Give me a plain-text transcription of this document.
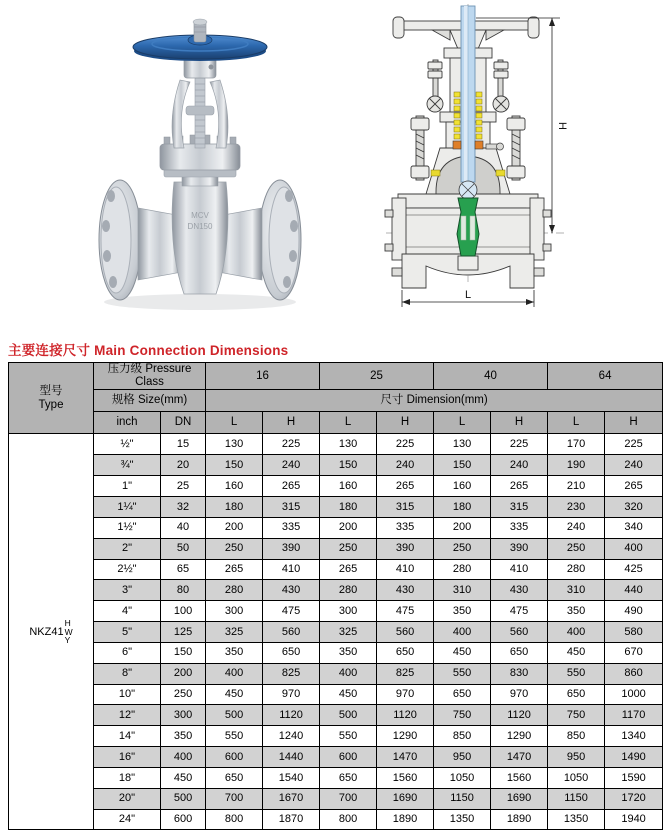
MCV
DN150
H
L
主要连接尺寸 Main Connection Dimensions
型号
Type	压力级 Pressure Class		16		25		40		64	
	规格 Size(mm)		尺寸 Dimension(mm)							
	inch	DN	L	H	L	H	L	H	L	H

NKZ41
H
W
Y	½"	15	130	225	130	225	130	225	170	225
	¾"	20	150	240	150	240	150	240	190	240
	1"	25	160	265	160	265	160	265	210	265
	1¼"	32	180	315	180	315	180	315	230	320
	1½"	40	200	335	200	335	200	335	240	340
	2"	50	250	390	250	390	250	390	250	400
	2½"	65	265	410	265	410	280	410	280	425
	3"	80	280	430	280	430	310	430	310	440
	4"	100	300	475	300	475	350	475	350	490
	5"	125	325	560	325	560	400	560	400	580
	6"	150	350	650	350	650	450	650	450	670
	8"	200	400	825	400	825	550	830	550	860
	10"	250	450	970	450	970	650	970	650	1000
	12"	300	500	1120	500	1120	750	1120	750	1170
	14"	350	550	1240	550	1290	850	1290	850	1340
	16"	400	600	1440	600	1470	950	1470	950	1490
	18"	450	650	1540	650	1560	1050	1560	1050	1590
	20"	500	700	1670	700	1690	1150	1690	1150	1720
	24"	600	800	1870	800	1890	1350	1890	1350	1940
